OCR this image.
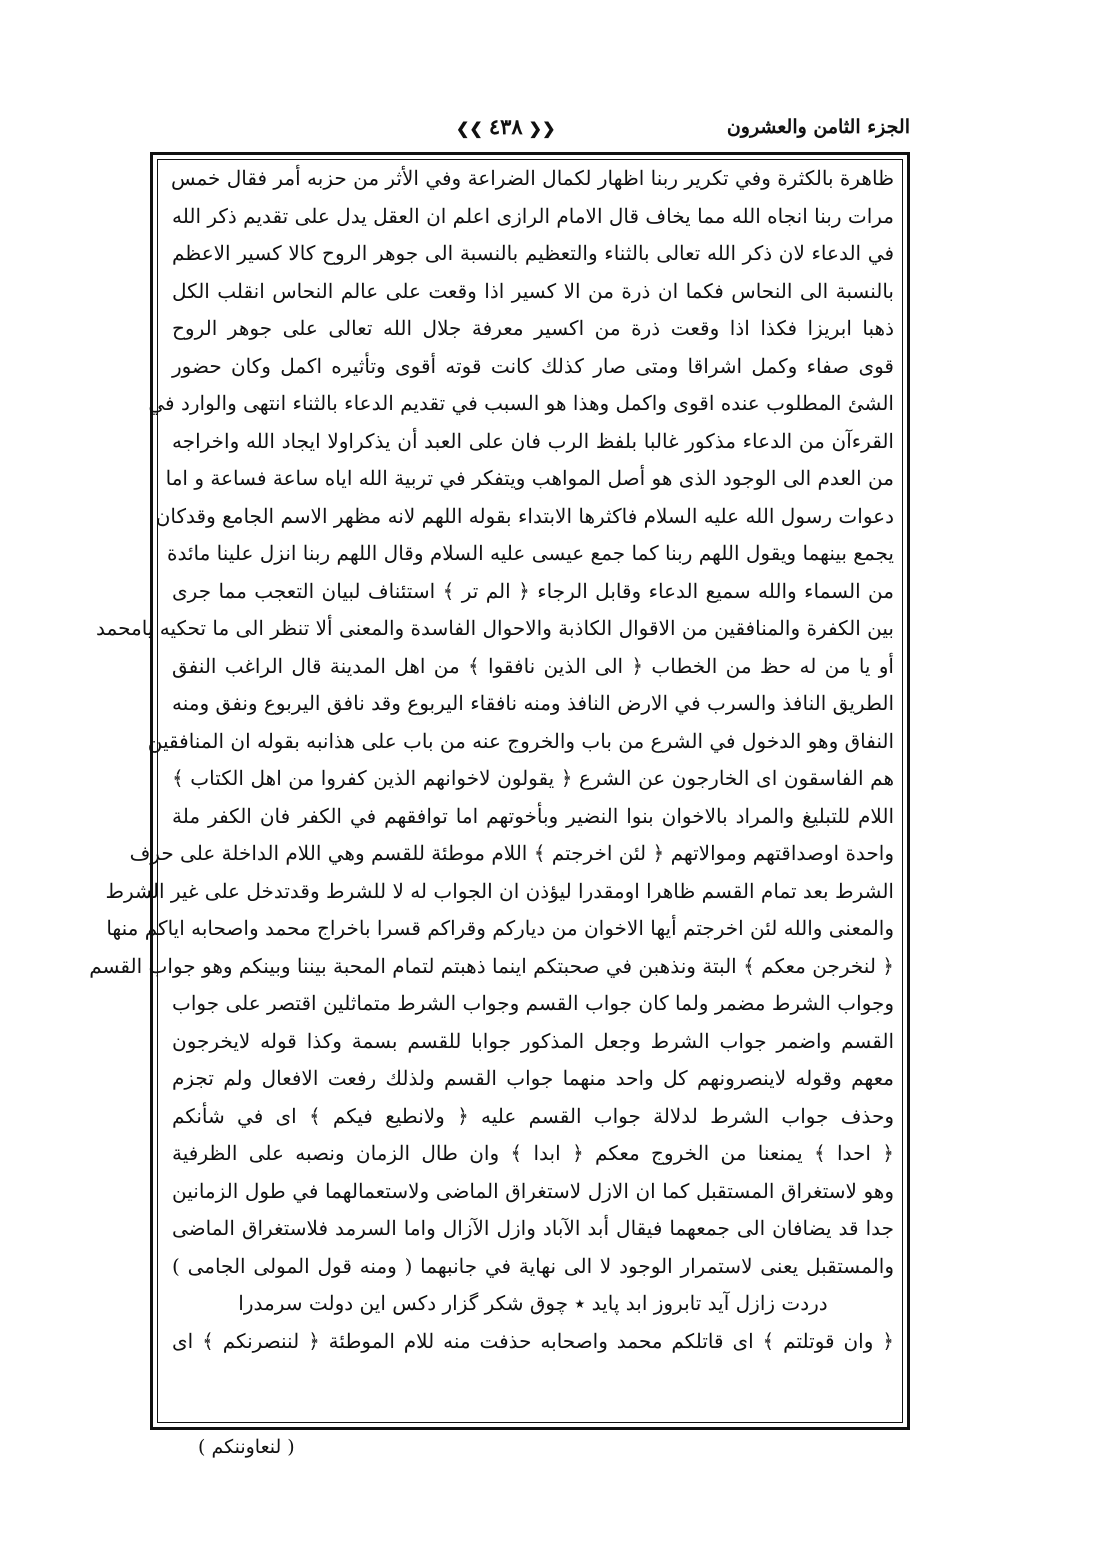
الجزء الثامن والعشرون
❮❮ ٤٣٨ ❯❯
ظاهرة بالكثرة وفي تكرير ربنا اظهار لكمال الضراعة وفي الأثر من حزبه أمر فقال خمس
مرات ربنا انجاه الله مما يخاف قال الامام الرازى اعلم ان العقل يدل على تقديم ذكر الله
في الدعاء لان ذكر الله تعالى بالثناء والتعظيم بالنسبة الى جوهر الروح كالا كسير الاعظم
بالنسبة الى النحاس فكما ان ذرة من الا كسير اذا وقعت على عالم النحاس انقلب الكل
ذهبا ابريزا فكذا اذا وقعت ذرة من اكسير معرفة جلال الله تعالى على جوهر الروح
قوى صفاء وكمل اشراقا ومتى صار كذلك كانت قوته أقوى وتأثيره اكمل وكان حضور
الشئ المطلوب عنده اقوى واكمل وهذا هو السبب في تقديم الدعاء بالثناء انتهى والوارد في
القرءآن من الدعاء مذكور غالبا بلفظ الرب فان على العبد أن يذكراولا ايجاد الله واخراجه
من العدم الى الوجود الذى هو أصل المواهب ويتفكر في تربية الله اياه ساعة فساعة و اما
دعوات رسول الله عليه السلام فاكثرها الابتداء بقوله اللهم لانه مظهر الاسم الجامع وقدكان
يجمع بينهما ويقول اللهم ربنا كما جمع عيسى عليه السلام وقال اللهم ربنا انزل علينا مائدة
من السماء والله سميع الدعاء وقابل الرجاء ﴿ الم تر ﴾ استئناف لبيان التعجب مما جرى
بين الكفرة والمنافقين من الاقوال الكاذبة والاحوال الفاسدة والمعنى ألا تنظر الى ما تحكيه يامحمد
أو يا من له حظ من الخطاب ﴿ الى الذين نافقوا ﴾ من اهل المدينة قال الراغب النفق
الطريق النافذ والسرب في الارض النافذ ومنه نافقاء اليربوع وقد نافق اليربوع ونفق ومنه
النفاق وهو الدخول في الشرع من باب والخروج عنه من باب على هذانبه بقوله ان المنافقين
هم الفاسقون اى الخارجون عن الشرع ﴿ يقولون لاخوانهم الذين كفروا من اهل الكتاب ﴾
اللام للتبليغ والمراد بالاخوان بنوا النضير وبأخوتهم اما توافقهم في الكفر فان الكفر ملة
واحدة اوصداقتهم وموالاتهم ﴿ لئن اخرجتم ﴾ اللام موطئة للقسم وهي اللام الداخلة على حرف
الشرط بعد تمام القسم ظاهرا اومقدرا ليؤذن ان الجواب له لا للشرط وقدتدخل على غير الشرط
والمعنى والله لئن اخرجتم أيها الاخوان من دياركم وقراكم قسرا باخراج محمد واصحابه اياكم منها
﴿ لنخرجن معكم ﴾ البتة ونذهبن في صحبتكم اينما ذهبتم لتمام المحبة بيننا وبينكم وهو جواب القسم
وجواب الشرط مضمر ولما كان جواب القسم وجواب الشرط متماثلين اقتصر على جواب
القسم واضمر جواب الشرط وجعل المذكور جوابا للقسم بسمة وكذا قوله لايخرجون
معهم وقوله لاينصرونهم كل واحد منهما جواب القسم ولذلك رفعت الافعال ولم تجزم
وحذف جواب الشرط لدلالة جواب القسم عليه ﴿ ولانطيع فيكم ﴾ اى في شأنكم
﴿ احدا ﴾ يمنعنا من الخروج معكم ﴿ ابدا ﴾ وان طال الزمان ونصبه على الظرفية
وهو لاستغراق المستقبل كما ان الازل لاستغراق الماضى ولاستعمالهما في طول الزمانين
جدا قد يضافان الى جمعهما فيقال أبد الآباد وازل الآزال واما السرمد فلاستغراق الماضى
والمستقبل يعنى لاستمرار الوجود لا الى نهاية في جانبهما ( ومنه قول المولى الجامى )
دردت زازل آيد تابروز ابد پايد ٭ چوق شكر گزار دكس اين دولت سرمدرا
﴿ وان قوتلتم ﴾ اى قاتلكم محمد واصحابه حذفت منه للام الموطئة ﴿ لننصرنكم ﴾ اى
( لنعاوننكم )
